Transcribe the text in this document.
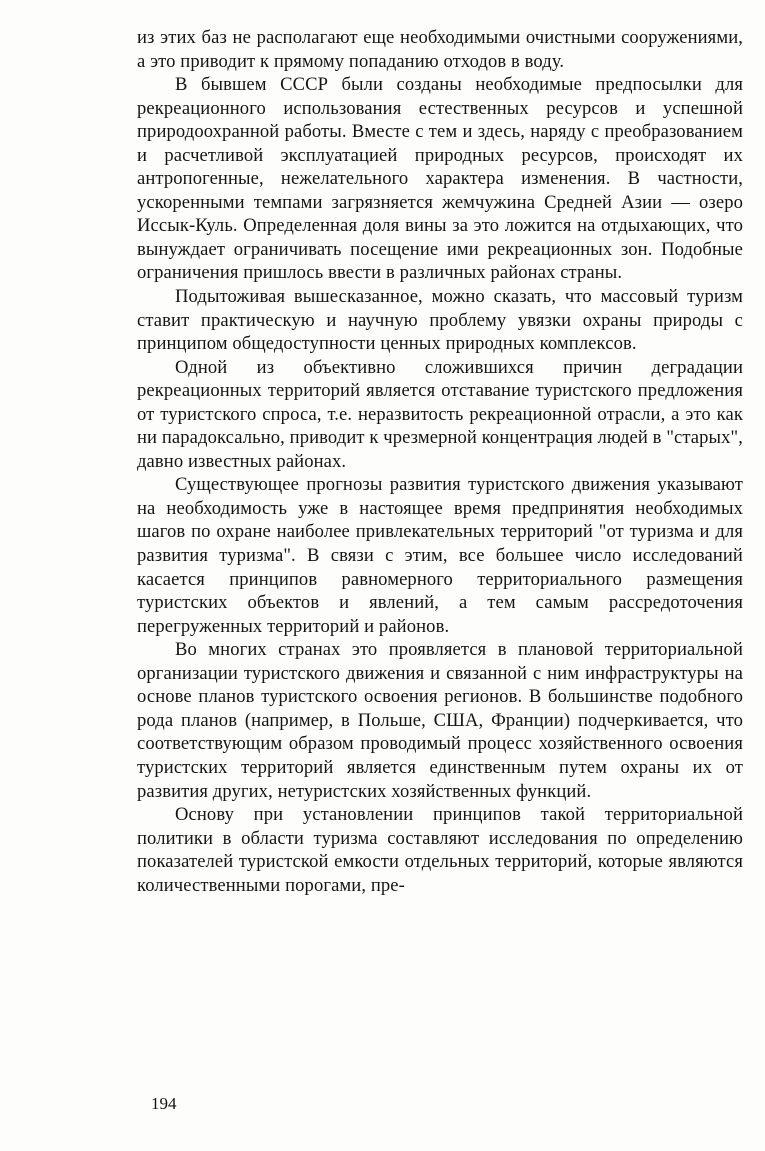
из этих баз не располагают еще необходимыми очистными сооружениями, а это приводит к прямому попаданию отходов в воду.

В бывшем СССР были созданы необходимые предпосылки для рекреационного использования естественных ресурсов и успешной природоохранной работы. Вместе с тем и здесь, наряду с преобразованием и расчетливой эксплуатацией природных ресурсов, происходят их антропогенные, нежелательного характера изменения. В частности, ускоренными темпами загрязняется жемчужина Средней Азии — озеро Иссык-Куль. Определенная доля вины за это ложится на отдыхающих, что вынуждает ограничивать посещение ими рекреационных зон. Подобные ограничения пришлось ввести в различных районах страны.

Подытоживая вышесказанное, можно сказать, что массовый туризм ставит практическую и научную проблему увязки охраны природы с принципом общедоступности ценных природных комплексов.

Одной из объективно сложившихся причин деградации рекреационных территорий является отставание туристского предложения от туристского спроса, т.е. неразвитость рекреационной отрасли, а это как ни парадоксально, приводит к чрезмерной концентрация людей в "старых", давно известных районах.

Существующее прогнозы развития туристского движения указывают на необходимость уже в настоящее время предпринятия необходимых шагов по охране наиболее привлекательных территорий "от туризма и для развития туризма". В связи с этим, все большее число исследований касается принципов равномерного территориального размещения туристских объектов и явлений, а тем самым рассредоточения перегруженных территорий и районов.

Во многих странах это проявляется в плановой территориальной организации туристского движения и связанной с ним инфраструктуры на основе планов туристского освоения регионов. В большинстве подобного рода планов (например, в Польше, США, Франции) подчеркивается, что соответствующим образом проводимый процесс хозяйственного освоения туристских территорий является единственным путем охраны их от развития других, нетуристских хозяйственных функций.

Основу при установлении принципов такой территориальной политики в области туризма составляют исследования по определению показателей туристской емкости отдельных территорий, которые являются количественными порогами, пре-

194
